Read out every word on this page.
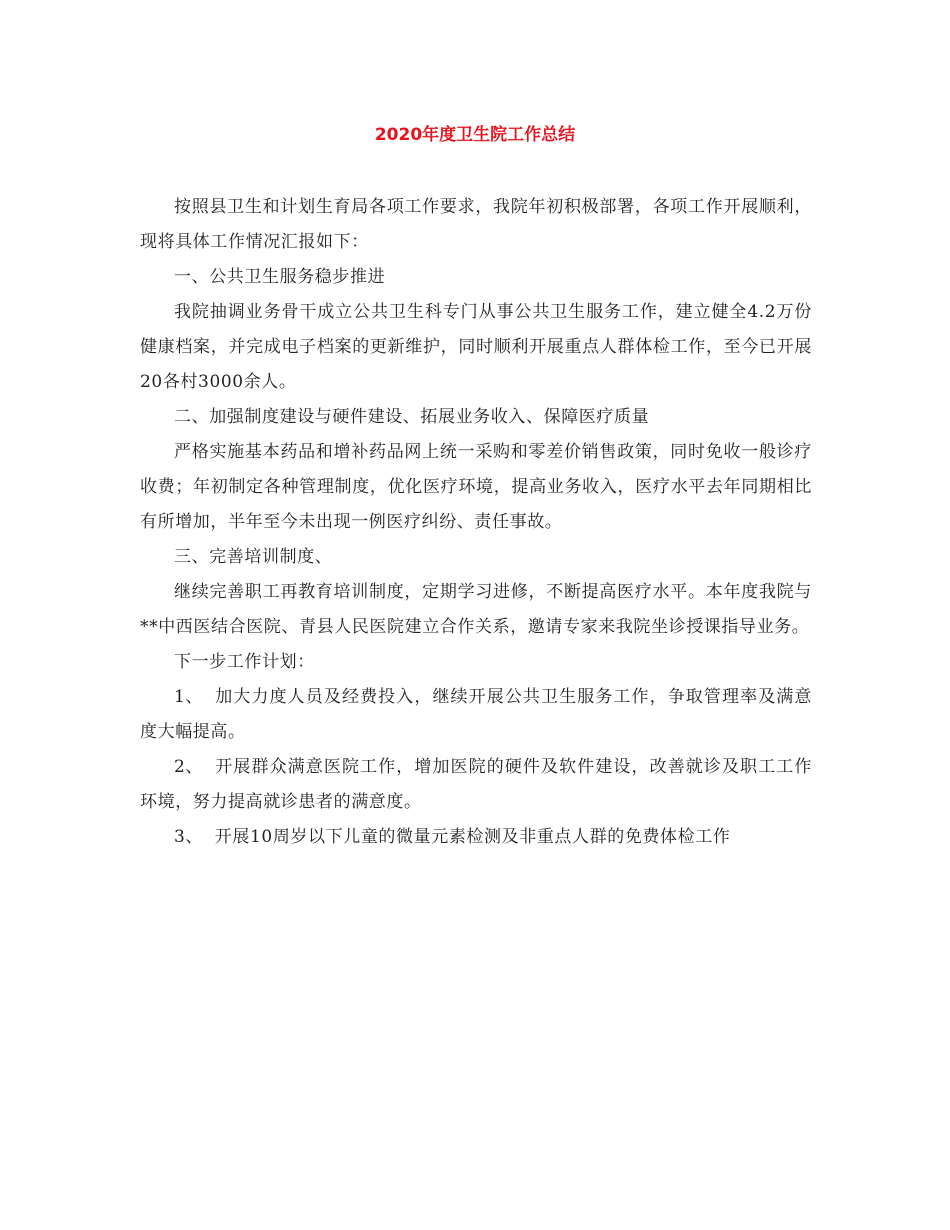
2020年度卫生院工作总结

按照县卫生和计划生育局各项工作要求，我院年初积极部署，各项工作开展顺利，现将具体工作情况汇报如下：

一、公共卫生服务稳步推进

我院抽调业务骨干成立公共卫生科专门从事公共卫生服务工作，建立健全4.2万份健康档案，并完成电子档案的更新维护，同时顺利开展重点人群体检工作，至今已开展20各村3000余人。

二、加强制度建设与硬件建设、拓展业务收入、保障医疗质量

严格实施基本药品和增补药品网上统一采购和零差价销售政策，同时免收一般诊疗收费；年初制定各种管理制度，优化医疗环境，提高业务收入，医疗水平去年同期相比有所增加，半年至今未出现一例医疗纠纷、责任事故。

三、完善培训制度、

继续完善职工再教育培训制度，定期学习进修，不断提高医疗水平。本年度我院与**中西医结合医院、青县人民医院建立合作关系，邀请专家来我院坐诊授课指导业务。

下一步工作计划：

1、 加大力度人员及经费投入，继续开展公共卫生服务工作，争取管理率及满意度大幅提高。

2、 开展群众满意医院工作，增加医院的硬件及软件建设，改善就诊及职工工作环境，努力提高就诊患者的满意度。

3、 开展10周岁以下儿童的微量元素检测及非重点人群的免费体检工作
